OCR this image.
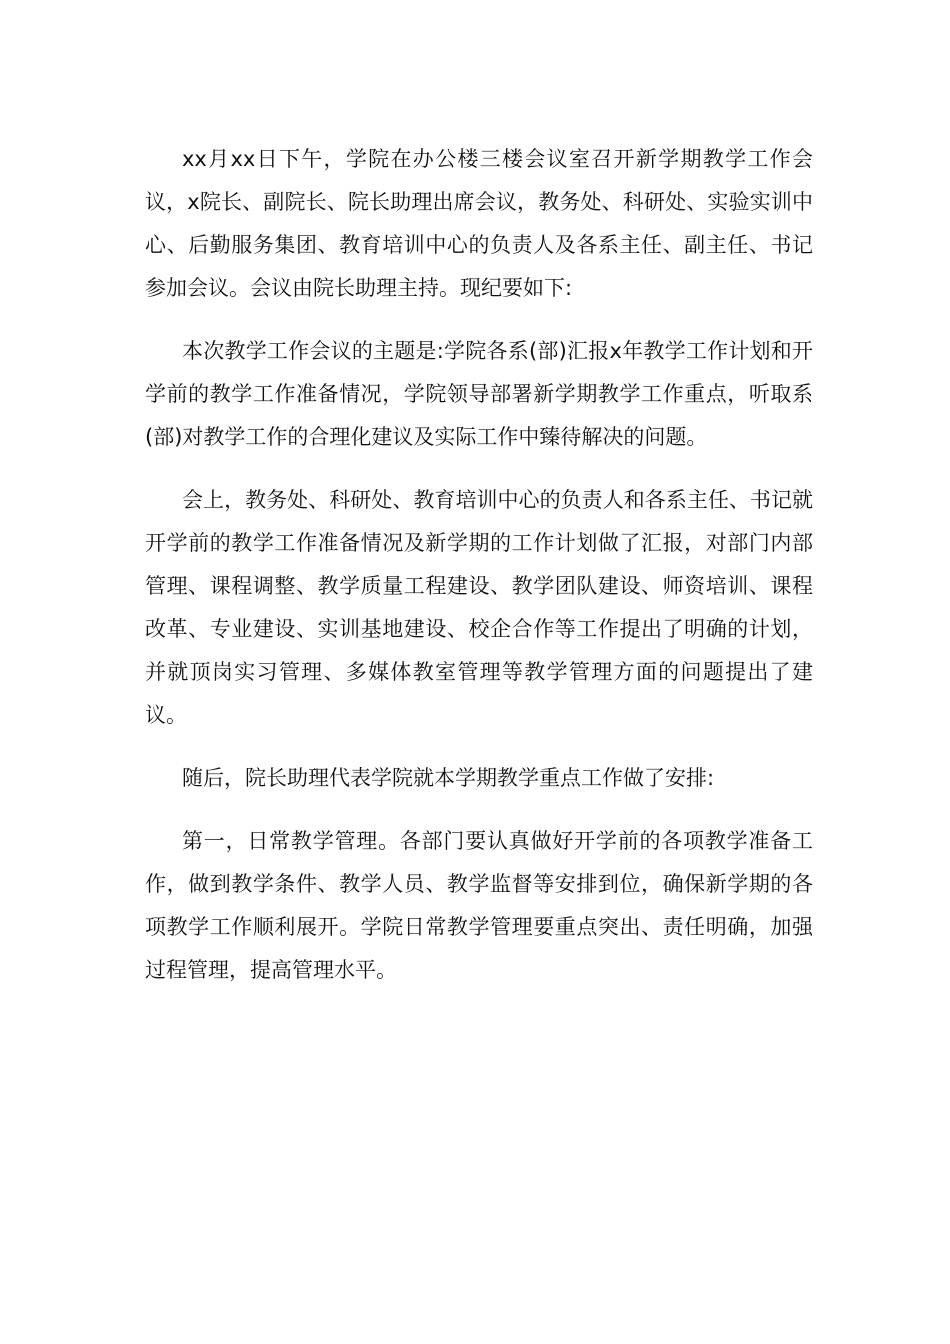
xx月xx日下午，学院在办公楼三楼会议室召开新学期教学工作会议，x院长、副院长、院长助理出席会议，教务处、科研处、实验实训中心、后勤服务集团、教育培训中心的负责人及各系主任、副主任、书记参加会议。会议由院长助理主持。现纪要如下:

本次教学工作会议的主题是:学院各系(部)汇报x年教学工作计划和开学前的教学工作准备情况，学院领导部署新学期教学工作重点，听取系(部)对教学工作的合理化建议及实际工作中臻待解决的问题。

会上，教务处、科研处、教育培训中心的负责人和各系主任、书记就开学前的教学工作准备情况及新学期的工作计划做了汇报，对部门内部管理、课程调整、教学质量工程建设、教学团队建设、师资培训、课程改革、专业建设、实训基地建设、校企合作等工作提出了明确的计划，并就顶岗实习管理、多媒体教室管理等教学管理方面的问题提出了建议。

随后，院长助理代表学院就本学期教学重点工作做了安排:

第一，日常教学管理。各部门要认真做好开学前的各项教学准备工作，做到教学条件、教学人员、教学监督等安排到位，确保新学期的各项教学工作顺利展开。学院日常教学管理要重点突出、责任明确，加强过程管理，提高管理水平。
